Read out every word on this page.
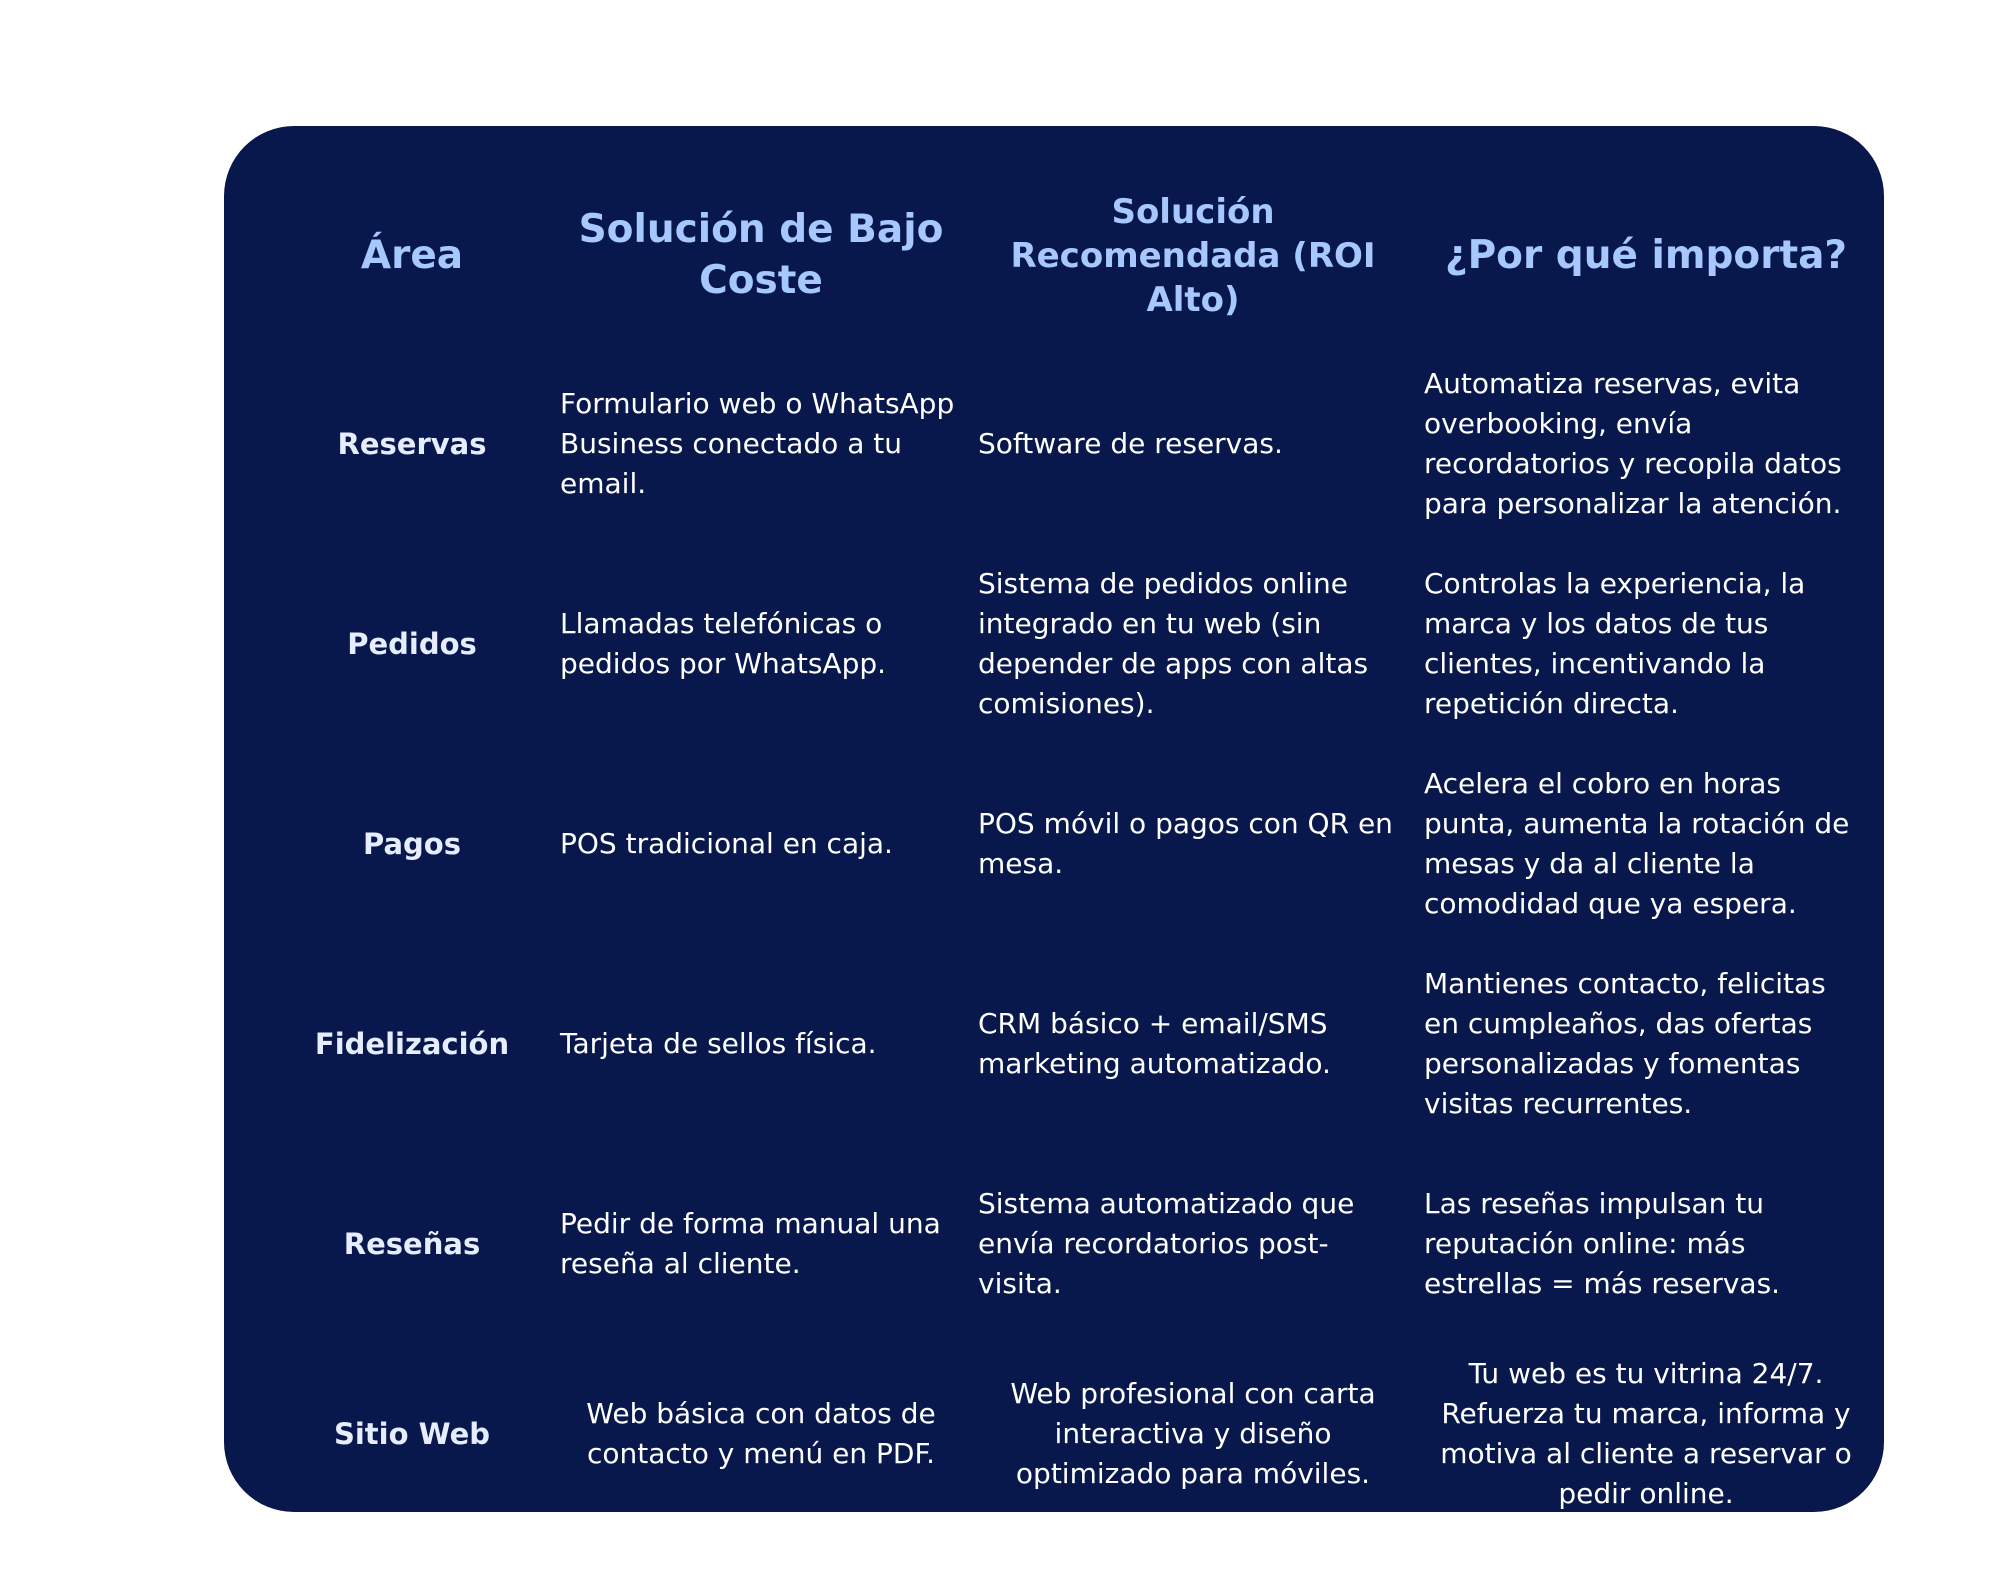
Área	Solución de Bajo Coste	Solución Recomendada (ROI Alto)	¿Por qué importa?
Reservas	Formulario web o WhatsApp Business conectado a tu email.	Software de reservas.	Automatiza reservas, evita overbooking, envía recordatorios y recopila datos para personalizar la atención.
Pedidos	Llamadas telefónicas o pedidos por WhatsApp.	Sistema de pedidos online integrado en tu web (sin depender de apps con altas comisiones).	Controlas la experiencia, la marca y los datos de tus clientes, incentivando la repetición directa.
Pagos	POS tradicional en caja.	POS móvil o pagos con QR en mesa.	Acelera el cobro en horas punta, aumenta la rotación de mesas y da al cliente la comodidad que ya espera.
Fidelización	Tarjeta de sellos física.	CRM básico + email/SMS marketing automatizado.	Mantienes contacto, felicitas en cumpleaños, das ofertas personalizadas y fomentas visitas recurrentes.
Reseñas	Pedir de forma manual una reseña al cliente.	Sistema automatizado que envía recordatorios post-visita.	Las reseñas impulsan tu reputación online: más estrellas = más reservas.
Sitio Web	Web básica con datos de contacto y menú en PDF.	Web profesional con carta interactiva y diseño optimizado para móviles.	Tu web es tu vitrina 24/7. Refuerza tu marca, informa y motiva al cliente a reservar o pedir online.
